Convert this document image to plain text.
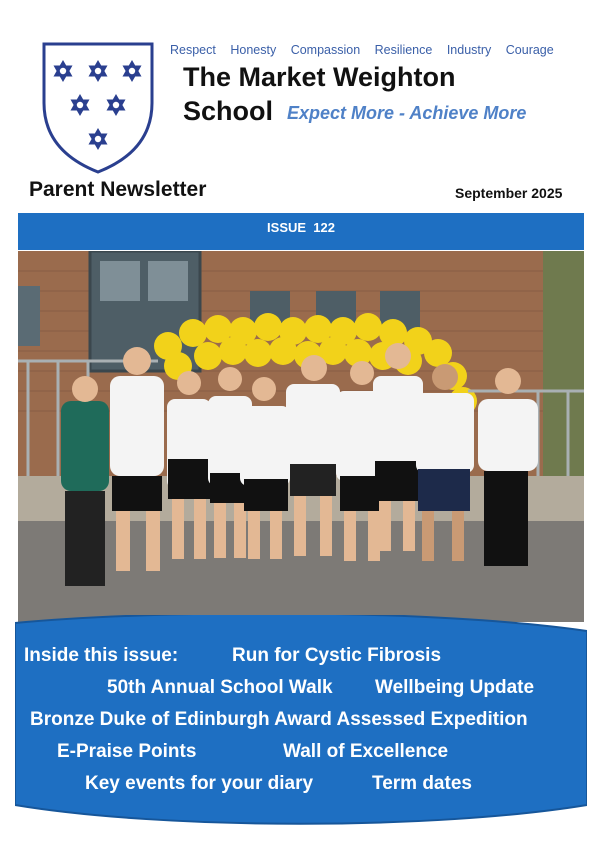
Respect Honesty Compassion Resilience Industry Courage
The Market Weighton
School Expect More - Achieve More
Parent Newsletter	September 2025
ISSUE  122
Inside this issue:	Run for Cystic Fibrosis
50th Annual School Walk Wellbeing Update
Bronze Duke of Edinburgh Award Assessed Expedition
E-Praise Points	Wall of Excellence
Key events for your diary	Term dates
